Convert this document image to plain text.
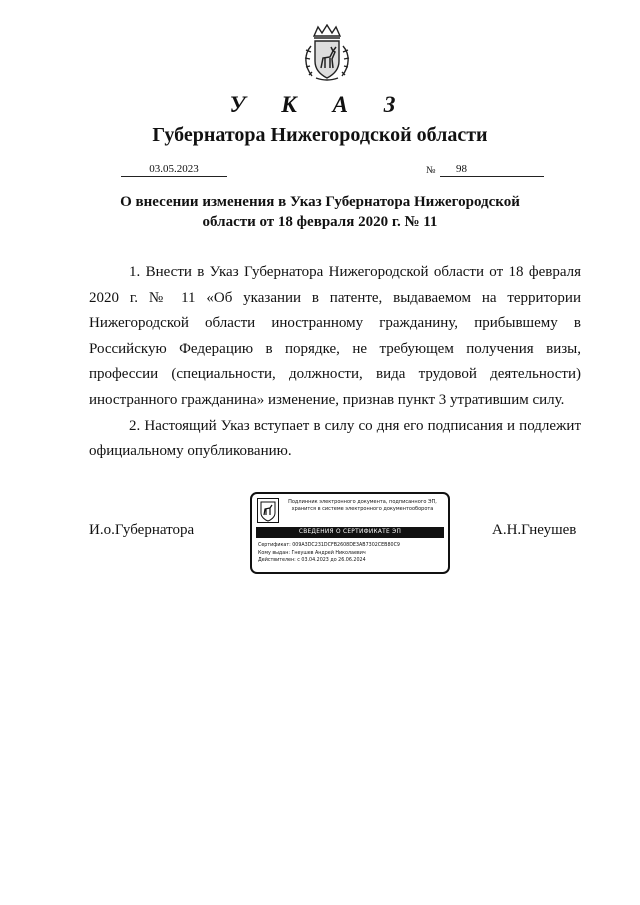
У К А З
Губернатора Нижегородской области
03.05.2023	№	98
О внесении изменения в Указ Губернатора Нижегородской
области от 18 февраля 2020 г. № 11

1. Внести в Указ Губернатора Нижегородской области от 18 февраля 2020 г. № 11 «Об указании в патенте, выдаваемом на территории Нижегородской области иностранному гражданину, прибывшему в Российскую Федерацию в порядке, не требующем получения визы, профессии (специальности, должности, вида трудовой деятельности) иностранного гражданина» изменение, признав пункт 3 утратившим силу.

2. Настоящий Указ вступает в силу со дня его подписания и подлежит официальному опубликованию.

И.о.Губернатора	А.Н.Гнеушев
Подлинник электронного документа, подписанного ЭП,
хранится в системе электронного документооборота
СВЕДЕНИЯ О СЕРТИФИКАТЕ ЭП
Сертификат: 009A3DC231DCFB2608DE3AB7302CEB80C9
Кому выдан: Гнеушев Андрей Николаевич
Действителен: с 03.04.2023 до 26.06.2024
